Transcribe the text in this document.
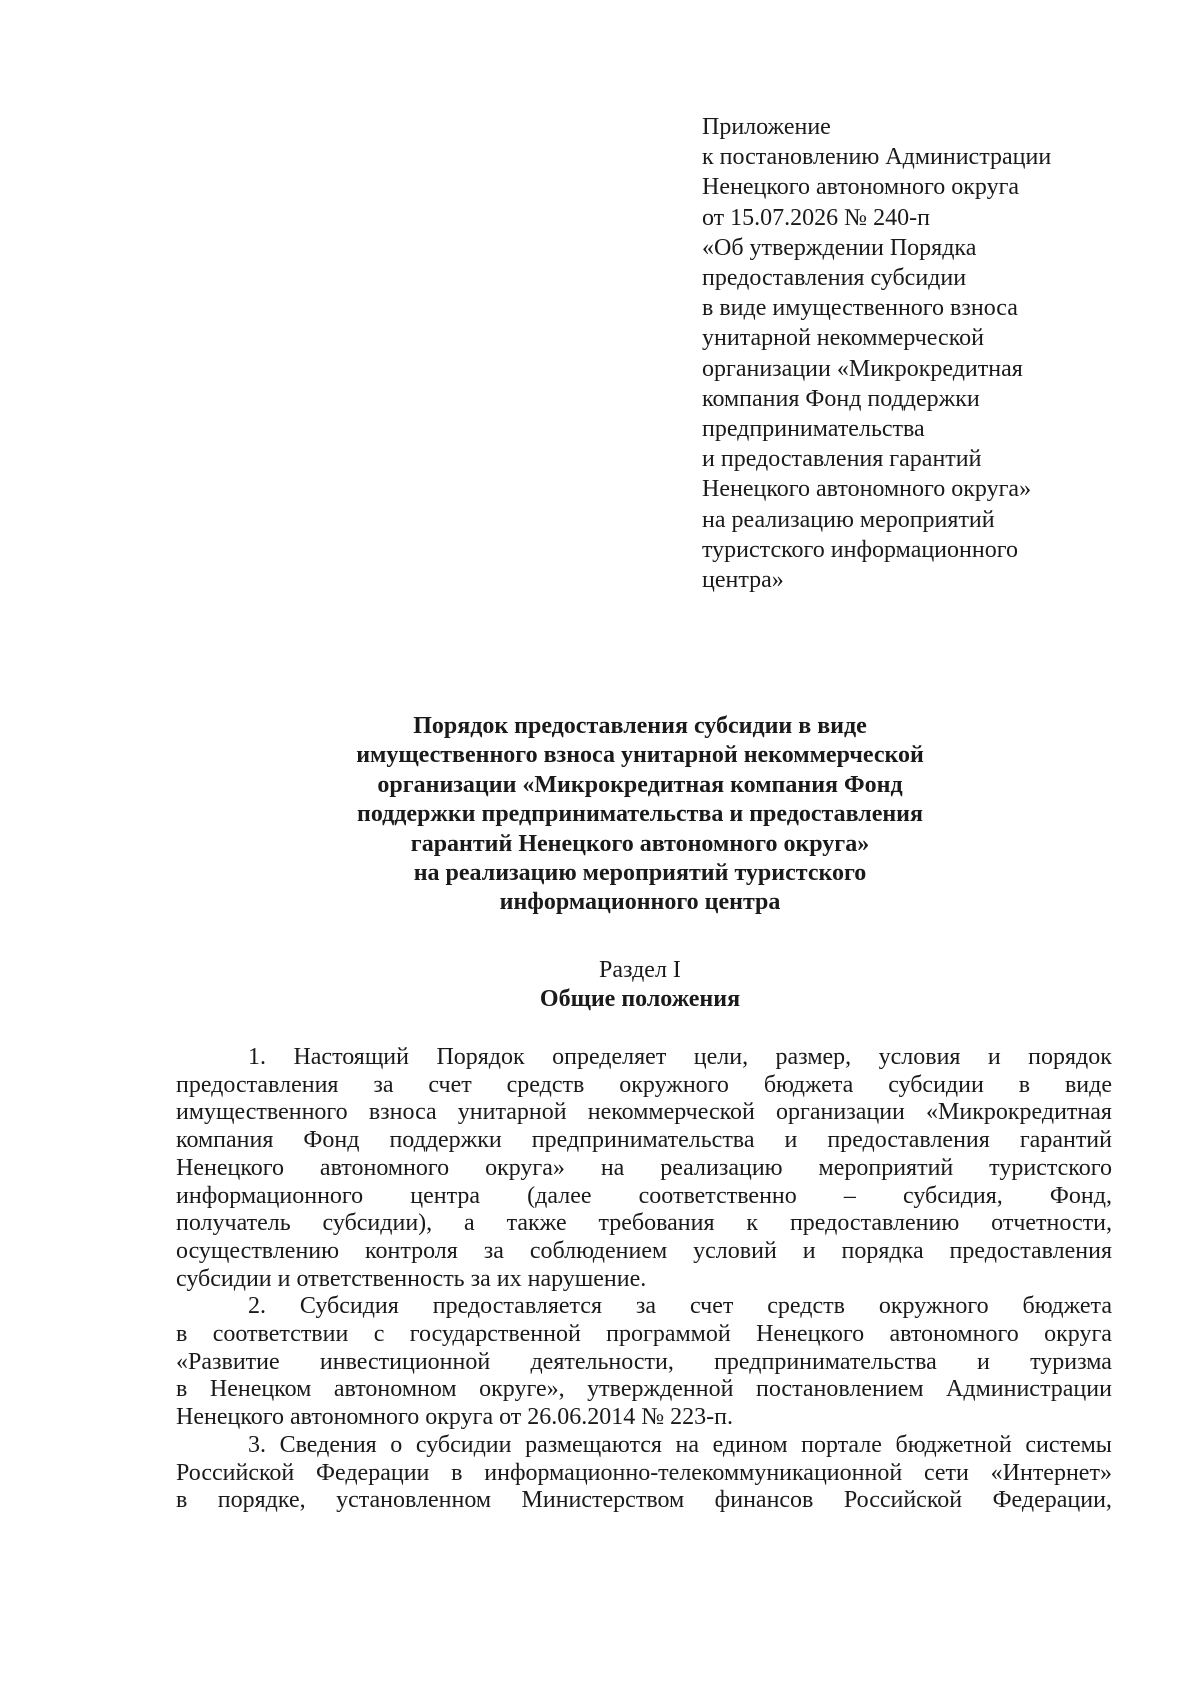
Приложение
к постановлению Администрации
Ненецкого автономного округа
от 15.07.2026 № 240-п
«Об утверждении Порядка
предоставления субсидии
в виде имущественного взноса
унитарной некоммерческой
организации «Микрокредитная
компания Фонд поддержки
предпринимательства
и предоставления гарантий
Ненецкого автономного округа»
на реализацию мероприятий
туристского информационного
центра»
Порядок предоставления субсидии в виде
имущественного взноса унитарной некоммерческой
организации «Микрокредитная компания Фонд
поддержки предпринимательства и предоставления
гарантий Ненецкого автономного округа»
на реализацию мероприятий туристского
информационного центра
Раздел I
Общие положения
1. Настоящий Порядок определяет цели, размер, условия и порядок
предоставления за счет средств окружного бюджета субсидии в виде
имущественного взноса унитарной некоммерческой организации «Микрокредитная
компания Фонд поддержки предпринимательства и предоставления гарантий
Ненецкого автономного округа» на реализацию мероприятий туристского
информационного центра (далее соответственно – субсидия, Фонд,
получатель субсидии), а также требования к предоставлению отчетности,
осуществлению контроля за соблюдением условий и порядка предоставления
субсидии и ответственность за их нарушение.
2. Субсидия предоставляется за счет средств окружного бюджета
в соответствии с государственной программой Ненецкого автономного округа
«Развитие инвестиционной деятельности, предпринимательства и туризма
в Ненецком автономном округе», утвержденной постановлением Администрации
Ненецкого автономного округа от 26.06.2014 № 223-п.
3. Сведения о субсидии размещаются на едином портале бюджетной системы
Российской Федерации в информационно-телекоммуникационной сети «Интернет»
в порядке, установленном Министерством финансов Российской Федерации,
